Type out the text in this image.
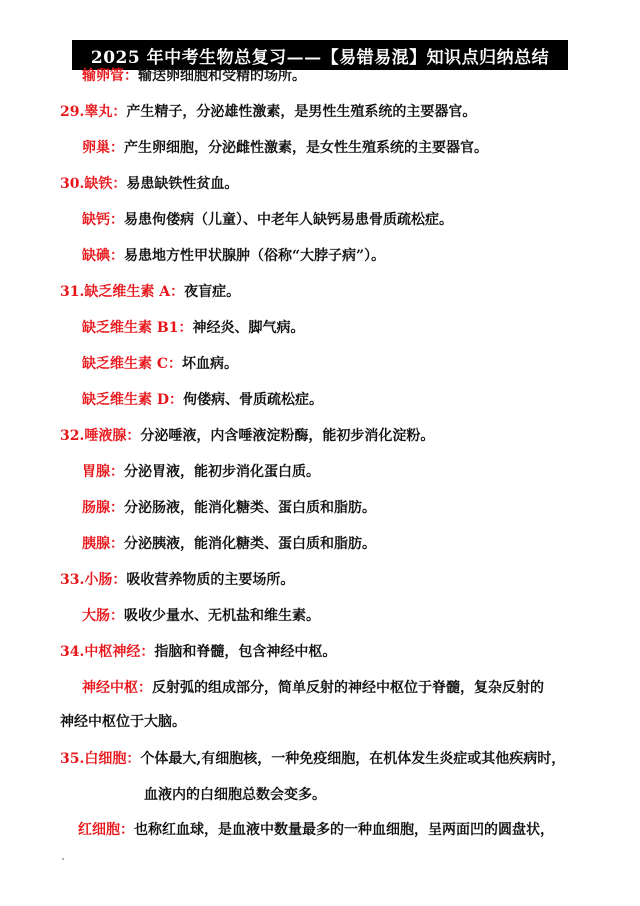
2025 年中考生物总复习——【易错易混】知识点归纳总结
输卵管：输送卵细胞和受精的场所。
29.睾丸：产生精子，分泌雄性激素，是男性生殖系统的主要器官。
卵巢：产生卵细胞，分泌雌性激素，是女性生殖系统的主要器官。
30.缺铁：易患缺铁性贫血。
缺钙：易患佝偻病（儿童）、中老年人缺钙易患骨质疏松症。
缺碘：易患地方性甲状腺肿（俗称“大脖子病”）。
31.缺乏维生素 A：夜盲症。
缺乏维生素 B1：神经炎、脚气病。
缺乏维生素 C：坏血病。
缺乏维生素 D：佝偻病、骨质疏松症。
32.唾液腺：分泌唾液，内含唾液淀粉酶，能初步消化淀粉。
胃腺：分泌胃液，能初步消化蛋白质。
肠腺：分泌肠液，能消化糖类、蛋白质和脂肪。
胰腺：分泌胰液，能消化糖类、蛋白质和脂肪。
33.小肠：吸收营养物质的主要场所。
大肠：吸收少量水、无机盐和维生素。
34.中枢神经：指脑和脊髓，包含神经中枢。
神经中枢：反射弧的组成部分，简单反射的神经中枢位于脊髓，复杂反射的
神经中枢位于大脑。
35.白细胞：个体最大,有细胞核，一种免疫细胞，在机体发生炎症或其他疾病时，
血液内的白细胞总数会变多。
红细胞：也称红血球，是血液中数量最多的一种血细胞，呈两面凹的圆盘状，
